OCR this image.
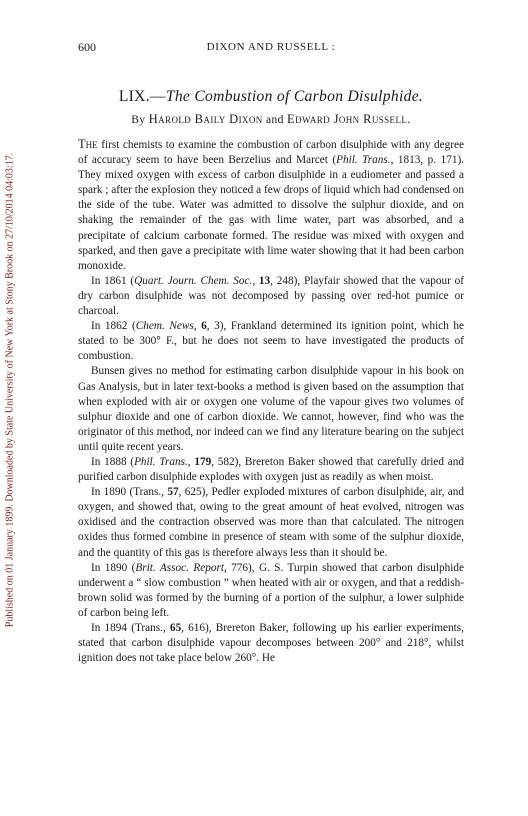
Published on 01 January 1899. Downloaded by State University of New York at Stony Brook on 27/10/2014 04:03:17.
600	DIXON AND RUSSELL :
LIX.—The Combustion of Carbon Disulphide.
By Harold Baily Dixon and Edward John Russell.

The first chemists to examine the combustion of carbon disulphide with any degree of accuracy seem to have been Berzelius and Marcet (Phil. Trans., 1813, p. 171). They mixed oxygen with excess of carbon disulphide in a eudiometer and passed a spark ; after the explosion they noticed a few drops of liquid which had condensed on the side of the tube. Water was admitted to dissolve the sulphur dioxide, and on shaking the remainder of the gas with lime water, part was absorbed, and a precipitate of calcium carbonate formed. The residue was mixed with oxygen and sparked, and then gave a precipitate with lime water showing that it had been carbon monoxide.

In 1861 (Quart. Journ. Chem. Soc., 13, 248), Playfair showed that the vapour of dry carbon disulphide was not decomposed by passing over red-hot pumice or charcoal.

In 1862 (Chem. News, 6, 3), Frankland determined its ignition point, which he stated to be 300° F., but he does not seem to have investigated the products of combustion.

Bunsen gives no method for estimating carbon disulphide vapour in his book on Gas Analysis, but in later text-books a method is given based on the assumption that when exploded with air or oxygen one volume of the vapour gives two volumes of sulphur dioxide and one of carbon dioxide. We cannot, however, find who was the originator of this method, nor indeed can we find any literature bearing on the subject until quite recent years.

In 1888 (Phil. Trans., 179, 582), Brereton Baker showed that carefully dried and purified carbon disulphide explodes with oxygen just as readily as when moist.

In 1890 (Trans., 57, 625), Pedler exploded mixtures of carbon disulphide, air, and oxygen, and showed that, owing to the great amount of heat evolved, nitrogen was oxidised and the contraction observed was more than that calculated. The nitrogen oxides thus formed combine in presence of steam with some of the sulphur dioxide, and the quantity of this gas is therefore always less than it should be.

In 1890 (Brit. Assoc. Report, 776), G. S. Turpin showed that carbon disulphide underwent a “ slow combustion ” when heated with air or oxygen, and that a reddish-brown solid was formed by the burning of a portion of the sulphur, a lower sulphide of carbon being left.

In 1894 (Trans., 65, 616), Brereton Baker, following up his earlier experiments, stated that carbon disulphide vapour decomposes between 200° and 218°, whilst ignition does not take place below 260°. He
